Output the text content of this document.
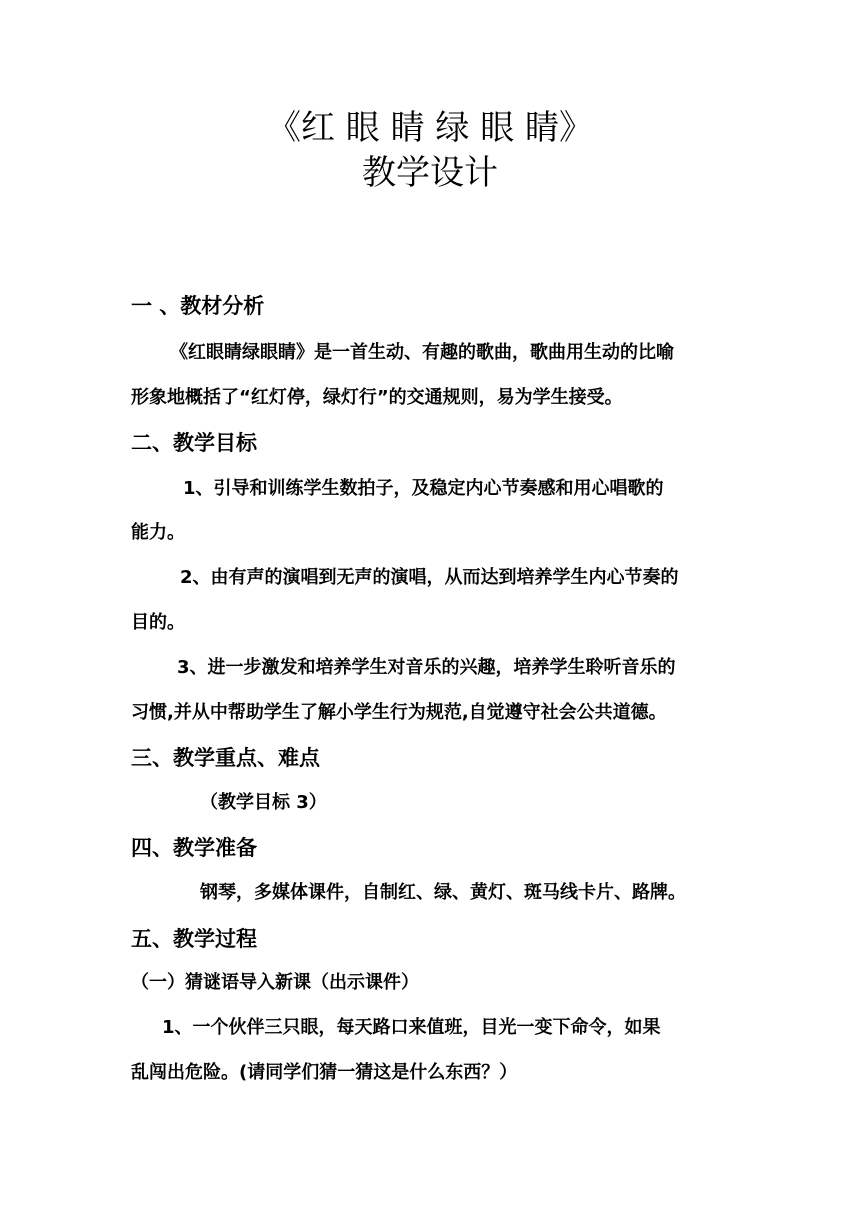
《红 眼 睛 绿 眼 睛》
教学设计
一 、教材分析
《红眼睛绿眼睛》是一首生动、有趣的歌曲，歌曲用生动的比喻
形象地概括了“红灯停，绿灯行”的交通规则，易为学生接受。
二、教学目标
1、引导和训练学生数拍子，及稳定内心节奏感和用心唱歌的
能力。
2、由有声的演唱到无声的演唱，从而达到培养学生内心节奏的
目的。
3、进一步激发和培养学生对音乐的兴趣，培养学生聆听音乐的
习惯,并从中帮助学生了解小学生行为规范,自觉遵守社会公共道德。
三、教学重点、难点
（教学目标 3）
四、教学准备
钢琴，多媒体课件，自制红、绿、黄灯、斑马线卡片、路牌。
五、教学过程
（一）猜谜语导入新课（出示课件）
1、一个伙伴三只眼，每天路口来值班，目光一变下命令，如果
乱闯出危险。(请同学们猜一猜这是什么东西？）
